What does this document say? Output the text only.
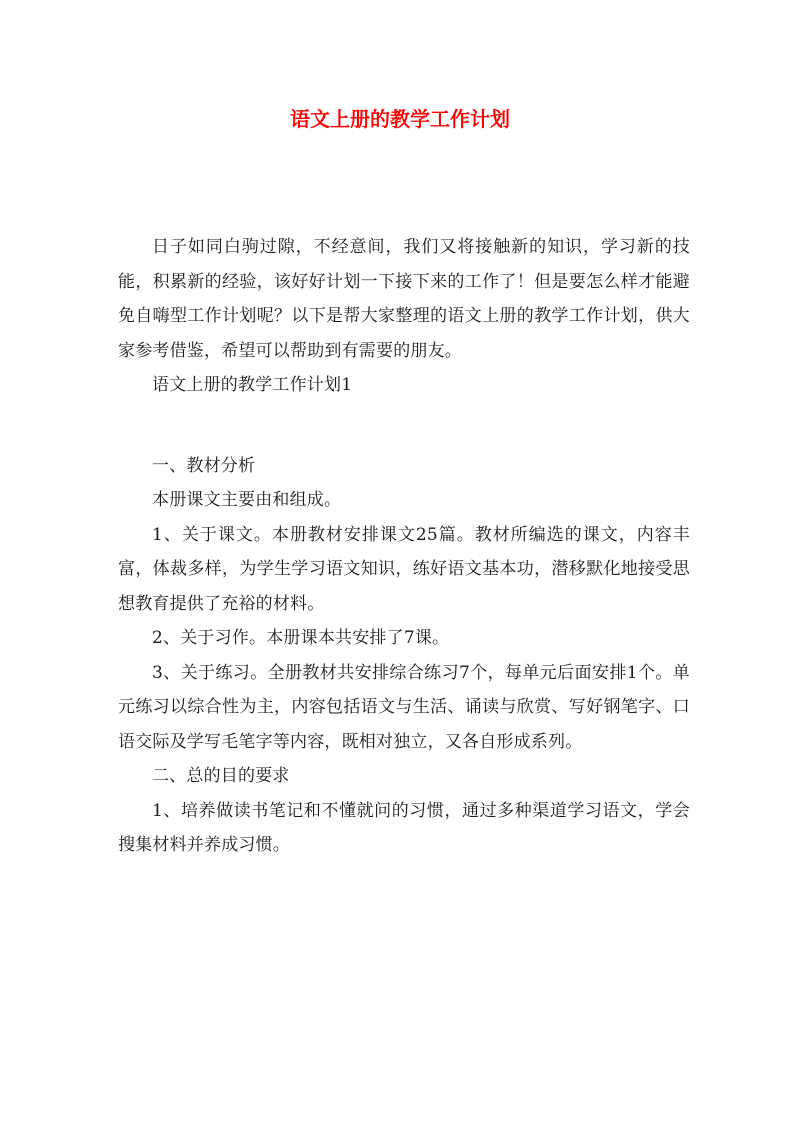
语文上册的教学工作计划

日子如同白驹过隙，不经意间，我们又将接触新的知识，学习新的技能，积累新的经验，该好好计划一下接下来的工作了！但是要怎么样才能避免自嗨型工作计划呢？以下是帮大家整理的语文上册的教学工作计划，供大家参考借鉴，希望可以帮助到有需要的朋友。

语文上册的教学工作计划1

一、教材分析

本册课文主要由和组成。

1、关于课文。本册教材安排课文25篇。教材所编选的课文，内容丰富，体裁多样，为学生学习语文知识，练好语文基本功，潜移默化地接受思想教育提供了充裕的材料。

2、关于习作。本册课本共安排了7课。

3、关于练习。全册教材共安排综合练习7个，每单元后面安排1个。单元练习以综合性为主，内容包括语文与生活、诵读与欣赏、写好钢笔字、口语交际及学写毛笔字等内容，既相对独立，又各自形成系列。

二、总的目的要求

1、培养做读书笔记和不懂就问的习惯，通过多种渠道学习语文，学会搜集材料并养成习惯。
